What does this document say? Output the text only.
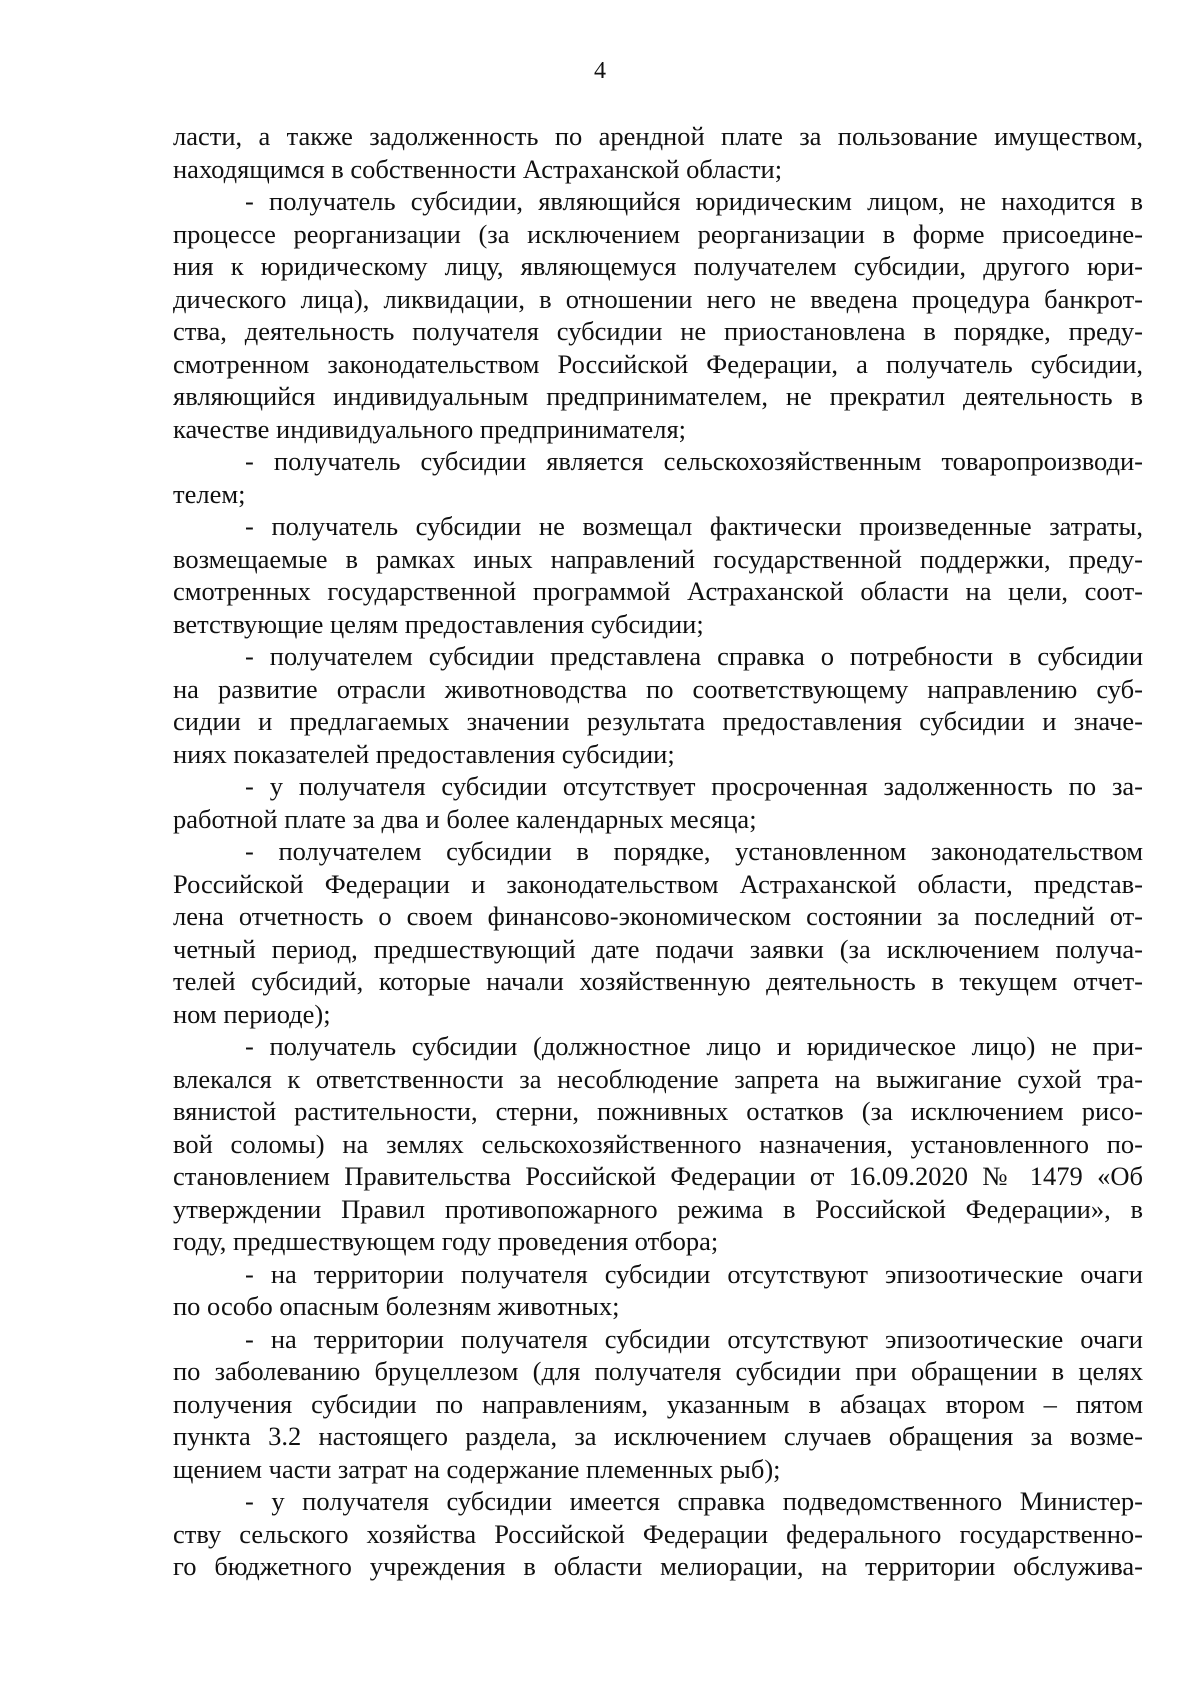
4
ласти, а также задолженность по арендной плате за пользование имуществом,
находящимся в собственности Астраханской области;
- получатель субсидии, являющийся юридическим лицом, не находится в
процессе реорганизации (за исключением реорганизации в форме присоедине-
ния к юридическому лицу, являющемуся получателем субсидии, другого юри-
дического лица), ликвидации, в отношении него не введена процедура банкрот-
ства, деятельность получателя субсидии не приостановлена в порядке, преду-
смотренном законодательством Российской Федерации, а получатель субсидии,
являющийся индивидуальным предпринимателем, не прекратил деятельность в
качестве индивидуального предпринимателя;
- получатель субсидии является сельскохозяйственным товаропроизводи-
телем;
- получатель субсидии не возмещал фактически произведенные затраты,
возмещаемые в рамках иных направлений государственной поддержки, преду-
смотренных государственной программой Астраханской области на цели, соот-
ветствующие целям предоставления субсидии;
- получателем субсидии представлена справка о потребности в субсидии
на развитие отрасли животноводства по соответствующему направлению суб-
сидии и предлагаемых значении результата предоставления субсидии и значе-
ниях показателей предоставления субсидии;
- у получателя субсидии отсутствует просроченная задолженность по за-
работной плате за два и более календарных месяца;
- получателем субсидии в порядке, установленном законодательством
Российской Федерации и законодательством Астраханской области, представ-
лена отчетность о своем финансово-экономическом состоянии за последний от-
четный период, предшествующий дате подачи заявки (за исключением получа-
телей субсидий, которые начали хозяйственную деятельность в текущем отчет-
ном периоде);
- получатель субсидии (должностное лицо и юридическое лицо) не при-
влекался к ответственности за несоблюдение запрета на выжигание сухой тра-
вянистой растительности, стерни, пожнивных остатков (за исключением рисо-
вой соломы) на землях сельскохозяйственного назначения, установленного по-
становлением Правительства Российской Федерации от 16.09.2020 № 1479 «Об
утверждении Правил противопожарного режима в Российской Федерации», в
году, предшествующем году проведения отбора;
- на территории получателя субсидии отсутствуют эпизоотические очаги
по особо опасным болезням животных;
- на территории получателя субсидии отсутствуют эпизоотические очаги
по заболеванию бруцеллезом (для получателя субсидии при обращении в целях
получения субсидии по направлениям, указанным в абзацах втором – пятом
пункта 3.2 настоящего раздела, за исключением случаев обращения за возме-
щением части затрат на содержание племенных рыб);
- у получателя субсидии имеется справка подведомственного Министер-
ству сельского хозяйства Российской Федерации федерального государственно-
го бюджетного учреждения в области мелиорации, на территории обслужива-
